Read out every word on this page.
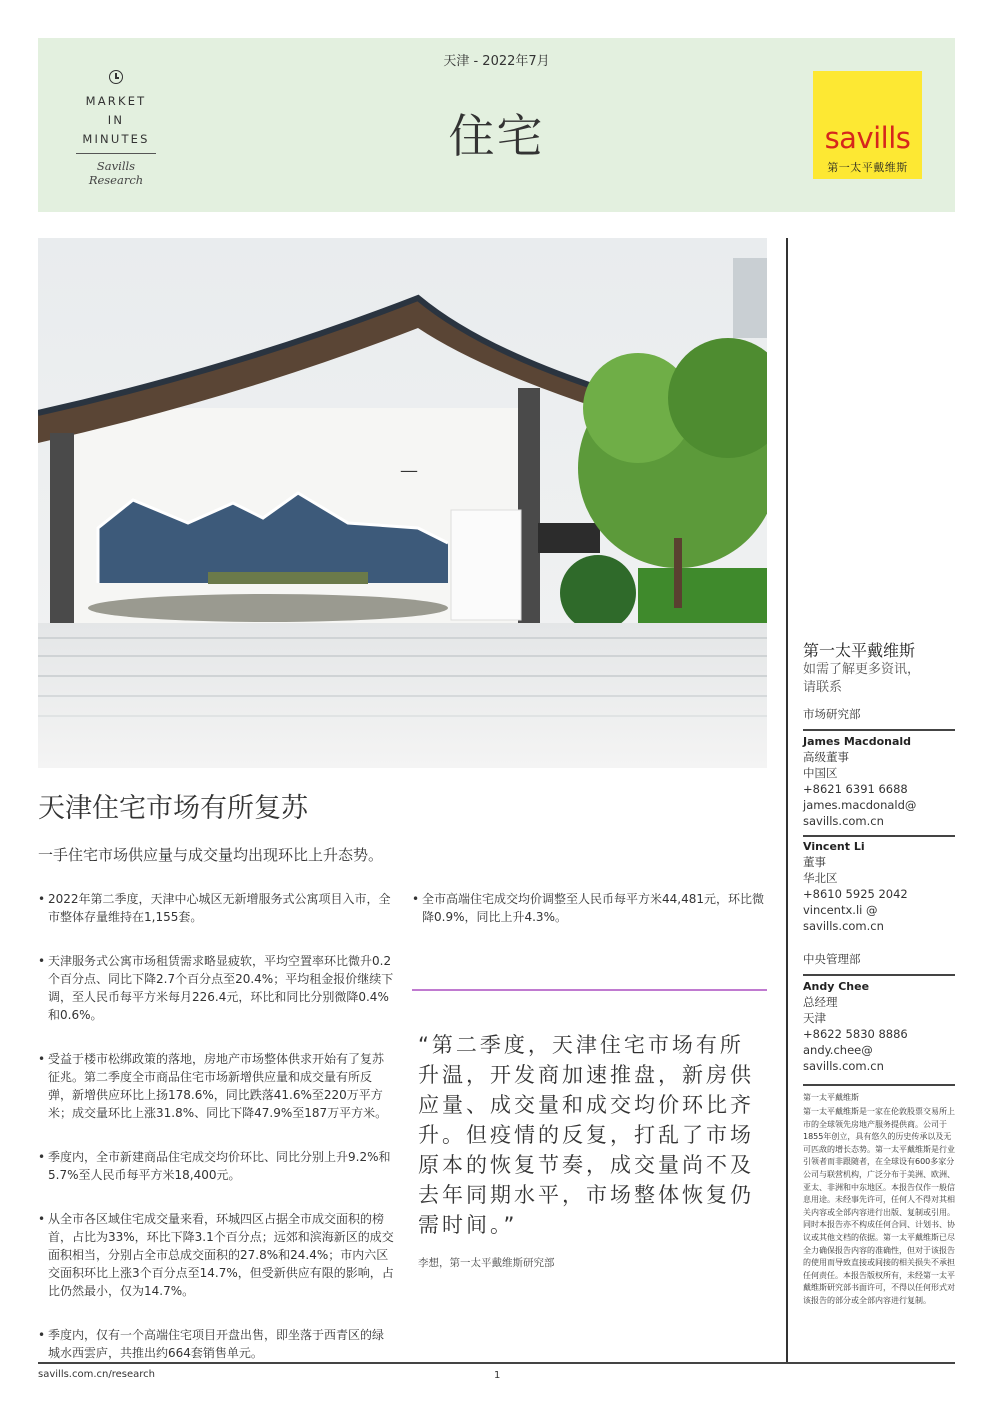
MARKET
IN
MINUTES
Savills Research
天津 - 2022年7月
住宅	savills
第一太平戴维斯
—
天津住宅市场有所复苏
一手住宅市场供应量与成交量均出现环比上升态势。
• 2022年第二季度，天津中心城区无新增服务式公寓项目入市，全市整体存量维持在1,155套。
• 天津服务式公寓市场租赁需求略显疲软，平均空置率环比微升0.2个百分点、同比下降2.7个百分点至20.4%；平均租金报价继续下调，至人民币每平方米每月226.4元，环比和同比分别微降0.4%和0.6%。
• 受益于楼市松绑政策的落地，房地产市场整体供求开始有了复苏征兆。第二季度全市商品住宅市场新增供应量和成交量有所反弹，新增供应环比上扬178.6%，同比跌落41.6%至220万平方米；成交量环比上涨31.8%、同比下降47.9%至187万平方米。
• 季度内，全市新建商品住宅成交均价环比、同比分别上升9.2%和5.7%至人民币每平方米18,400元。
• 从全市各区域住宅成交量来看，环城四区占据全市成交面积的榜首，占比为33%，环比下降3.1个百分点；远郊和滨海新区的成交面积相当，分别占全市总成交面积的27.8%和24.4%；市内六区交面积环比上涨3个百分点至14.7%，但受新供应有限的影响，占比仍然最小，仅为14.7%。
• 季度内，仅有一个高端住宅项目开盘出售，即坐落于西青区的绿城水西雲庐，共推出约664套销售单元。
• 全市高端住宅成交均价调整至人民币每平方米44,481元，环比微降0.9%，同比上升4.3%。
“第二季度，天津住宅市场有所升温，开发商加速推盘，新房供应量、成交量和成交均价环比齐升。但疫情的反复，打乱了市场原本的恢复节奏，成交量尚不及去年同期水平，市场整体恢复仍需时间。”
李想，第一太平戴维斯研究部
第一太平戴维斯
如需了解更多资讯，
请联系
市场研究部
James Macdonald
高级董事
中国区
+8621 6391 6688
james.macdonald@
savills.com.cn
Vincent Li
董事
华北区
+8610 5925 2042
vincentx.li @
savills.com.cn
中央管理部
Andy Chee
总经理
天津
+8622 5830 8886
andy.chee@
savills.com.cn
第一太平戴维斯
第一太平戴维斯是一家在伦敦股票交易所上市的全球领先房地产服务提供商。公司于1855年创立，具有悠久的历史传承以及无可匹敌的增长态势。第一太平戴维斯是行业引领者而非跟随者，在全球设有600多家分公司与联营机构，广泛分布于美洲、欧洲、亚太、非洲和中东地区。本报告仅作一般信息用途。未经事先许可，任何人不得对其相关内容或全部内容进行出版、复制或引用。同时本报告亦不构成任何合同、计划书、协议或其他文档的依据。第一太平戴维斯已尽全力确保报告内容的准确性，但对于该报告的使用而导致直接或间接的相关损失不承担任何责任。本报告版权所有，未经第一太平戴维斯研究部书面许可，不得以任何形式对该报告的部分或全部内容进行复制。
savills.com.cn/research	1
